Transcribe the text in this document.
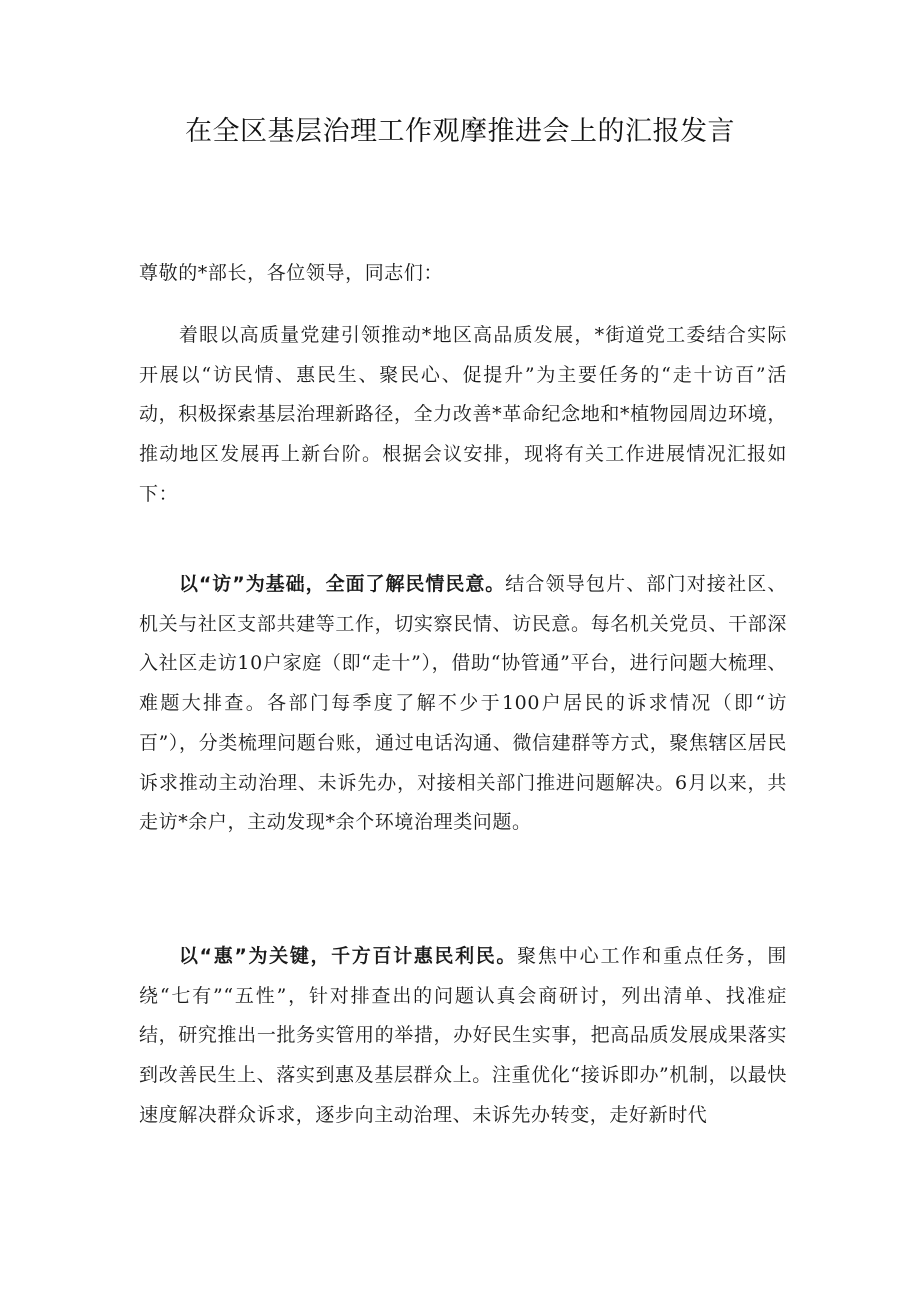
在全区基层治理工作观摩推进会上的汇报发言

尊敬的*部长，各位领导，同志们：

着眼以高质量党建引领推动*地区高品质发展，*街道党工委结合实际开展以“访民情、惠民生、聚民心、促提升”为主要任务的“走十访百”活动，积极探索基层治理新路径，全力改善*革命纪念地和*植物园周边环境，推动地区发展再上新台阶。根据会议安排，现将有关工作进展情况汇报如下：

以“访”为基础，全面了解民情民意。结合领导包片、部门对接社区、机关与社区支部共建等工作，切实察民情、访民意。每名机关党员、干部深入社区走访10户家庭（即“走十”），借助“协管通”平台，进行问题大梳理、难题大排查。各部门每季度了解不少于100户居民的诉求情况（即“访百”），分类梳理问题台账，通过电话沟通、微信建群等方式，聚焦辖区居民诉求推动主动治理、未诉先办，对接相关部门推进问题解决。6月以来，共走访*余户，主动发现*余个环境治理类问题。

以“惠”为关键，千方百计惠民利民。聚焦中心工作和重点任务，围绕“七有”“五性”，针对排查出的问题认真会商研讨，列出清单、找准症结，研究推出一批务实管用的举措，办好民生实事，把高品质发展成果落实到改善民生上、落实到惠及基层群众上。注重优化“接诉即办”机制，以最快速度解决群众诉求，逐步向主动治理、未诉先办转变，走好新时代
